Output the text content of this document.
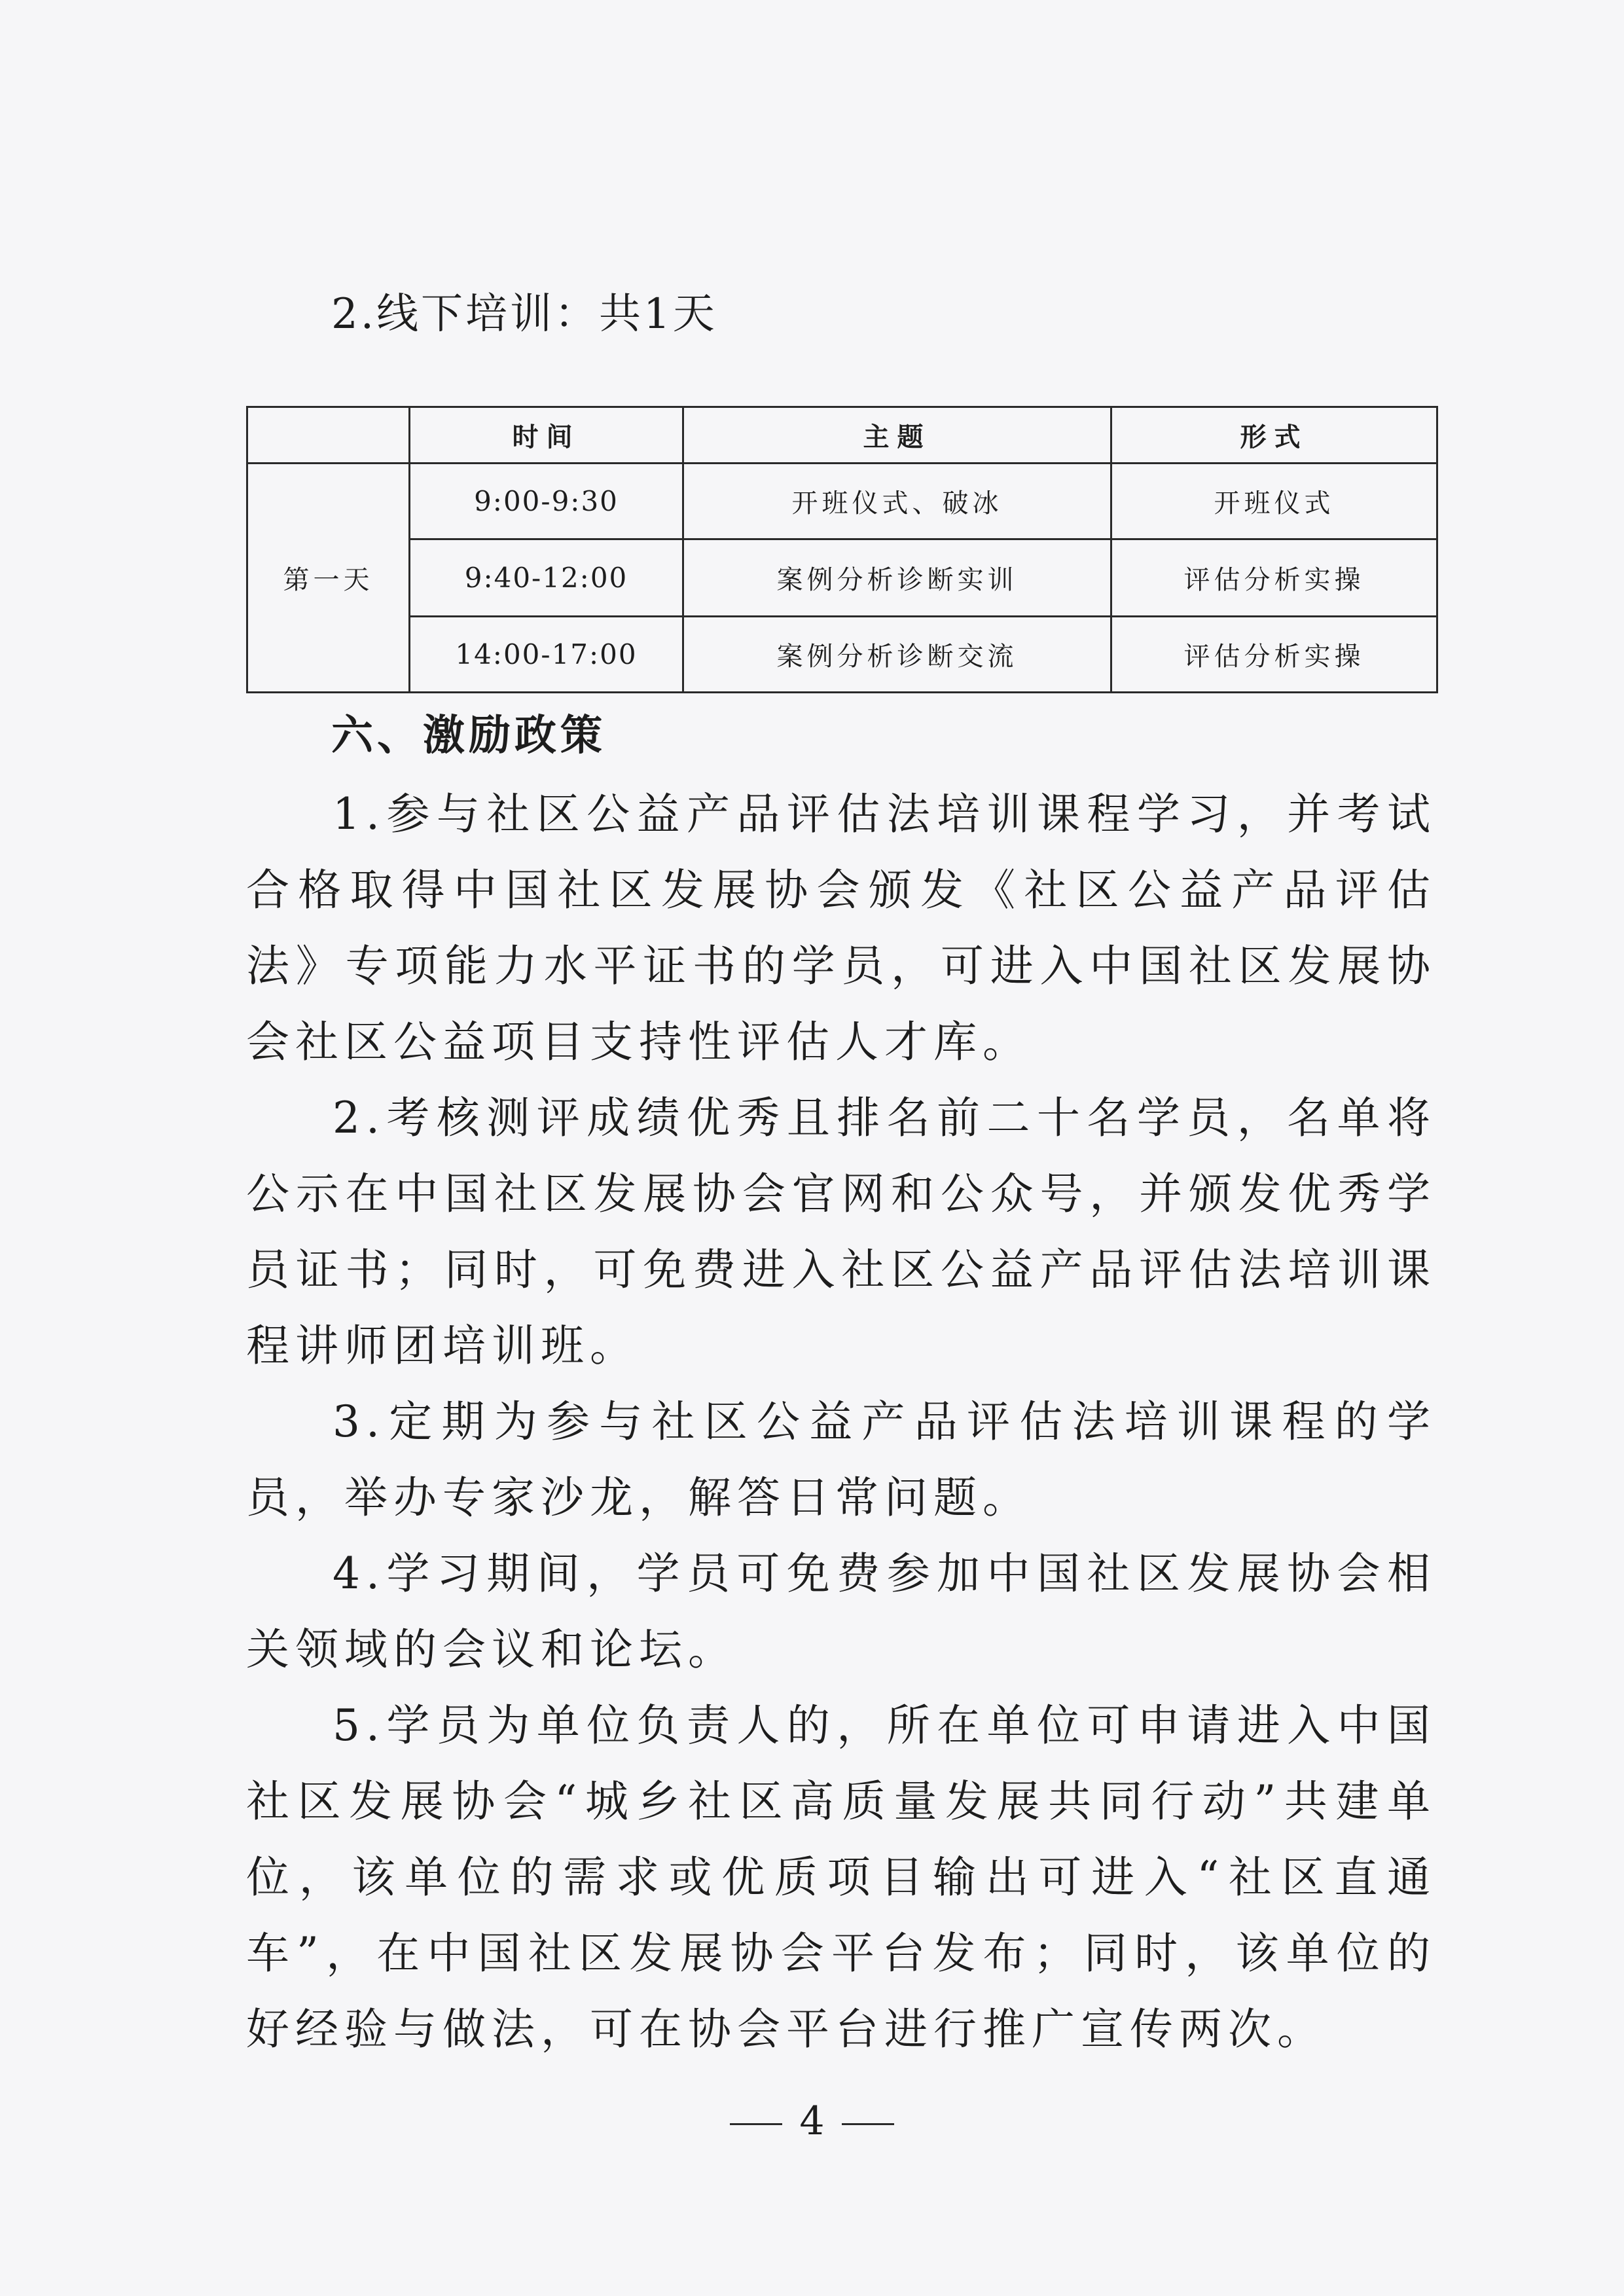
2.线下培训：共1天
	时间	主题	形式
第一天	9:00-9:30	开班仪式、破冰	开班仪式
	9:40-12:00	案例分析诊断实训	评估分析实操
	14:00-17:00	案例分析诊断交流	评估分析实操
六、激励政策

1.参与社区公益产品评估法培训课程学习，并考试合格取得中国社区发展协会颁发《社区公益产品评估法》专项能力水平证书的学员，可进入中国社区发展协会社区公益项目支持性评估人才库。

2.考核测评成绩优秀且排名前二十名学员，名单将公示在中国社区发展协会官网和公众号，并颁发优秀学员证书；同时，可免费进入社区公益产品评估法培训课程讲师团培训班。

3.定期为参与社区公益产品评估法培训课程的学员，举办专家沙龙，解答日常问题。

4.学习期间，学员可免费参加中国社区发展协会相关领域的会议和论坛。

5.学员为单位负责人的，所在单位可申请进入中国社区发展协会“城乡社区高质量发展共同行动”共建单位，该单位的需求或优质项目输出可进入“社区直通车”，在中国社区发展协会平台发布；同时，该单位的好经验与做法，可在协会平台进行推广宣传两次。

4
